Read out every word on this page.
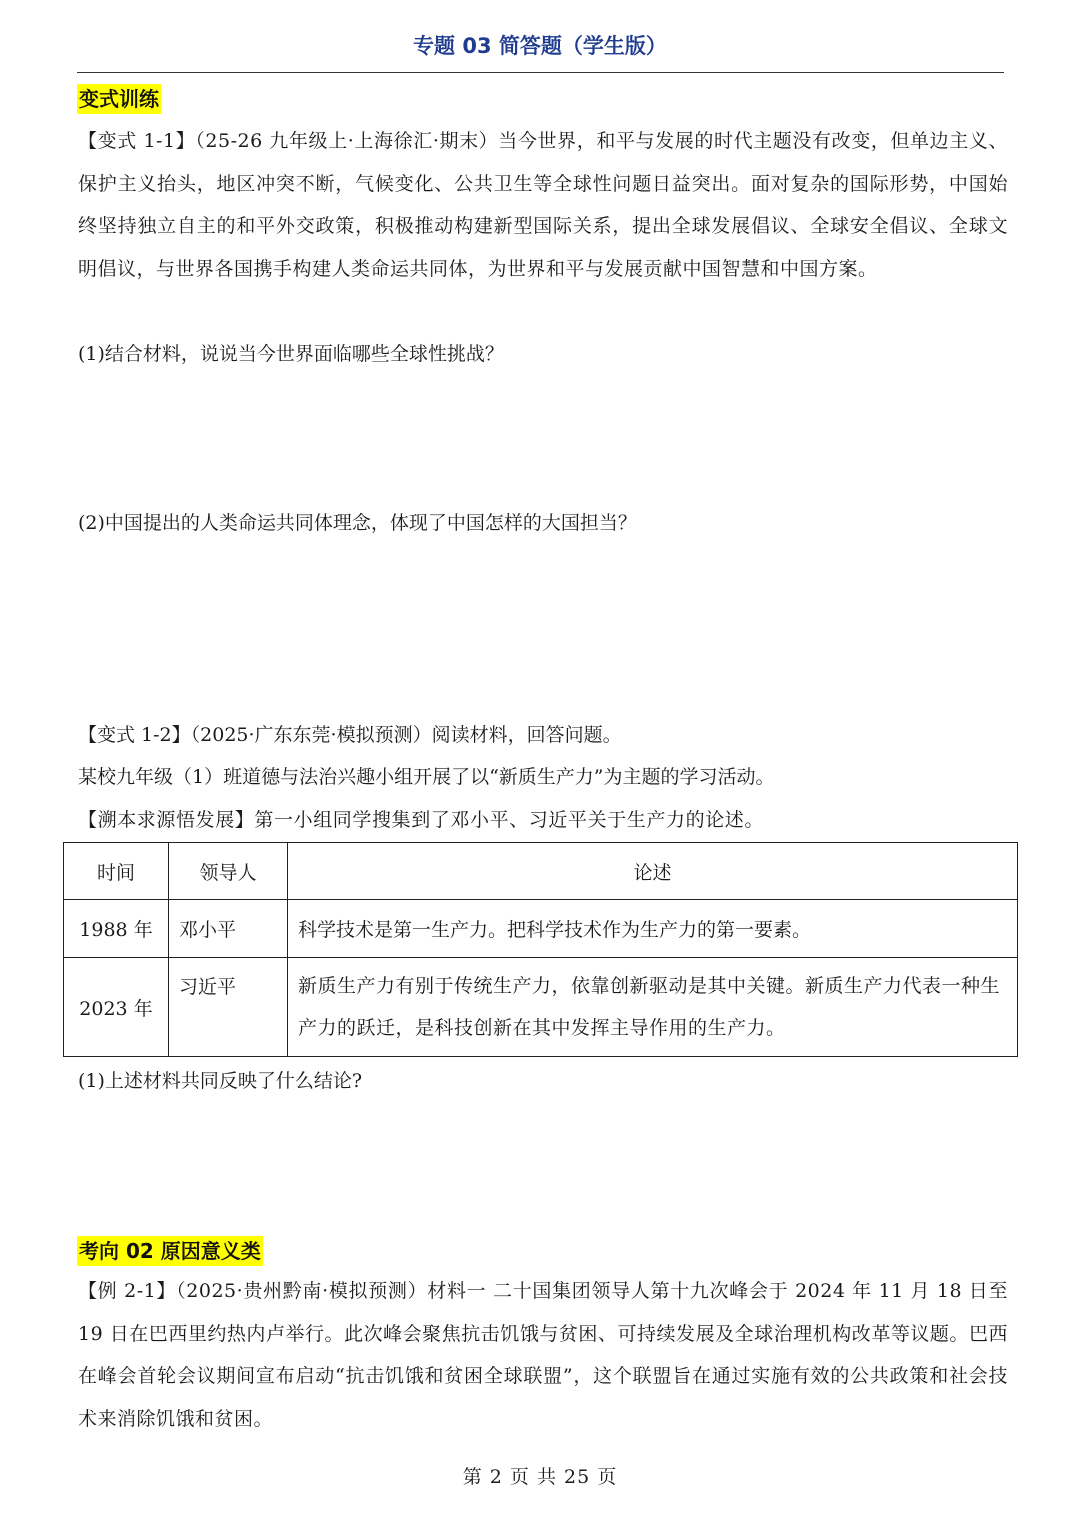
专题 03 简答题（学生版）
变式训练

【变式 1-1】（25-26 九年级上·上海徐汇·期末）当今世界，和平与发展的时代主题没有改变，但单边主义、保护主义抬头，地区冲突不断，气候变化、公共卫生等全球性问题日益突出。面对复杂的国际形势，中国始终坚持独立自主的和平外交政策，积极推动构建新型国际关系，提出全球发展倡议、全球安全倡议、全球文明倡议，与世界各国携手构建人类命运共同体，为世界和平与发展贡献中国智慧和中国方案。

(1)结合材料，说说当今世界面临哪些全球性挑战？

(2)中国提出的人类命运共同体理念，体现了中国怎样的大国担当？

【变式 1-2】（2025·广东东莞·模拟预测）阅读材料，回答问题。

某校九年级（1）班道德与法治兴趣小组开展了以“新质生产力”为主题的学习活动。

【溯本求源悟发展】第一小组同学搜集到了邓小平、习近平关于生产力的论述。

时间	领导人	论述
1988 年	邓小平	科学技术是第一生产力。把科学技术作为生产力的第一要素。
2023 年	习近平	新质生产力有别于传统生产力，依靠创新驱动是其中关键。新质生产力代表一种生产力的跃迁，是科技创新在其中发挥主导作用的生产力。

(1)上述材料共同反映了什么结论?

考向 02 原因意义类

【例 2-1】（2025·贵州黔南·模拟预测）材料一 二十国集团领导人第十九次峰会于 2024 年 11 月 18 日至 19 日在巴西里约热内卢举行。此次峰会聚焦抗击饥饿与贫困、可持续发展及全球治理机构改革等议题。巴西在峰会首轮会议期间宣布启动“抗击饥饿和贫困全球联盟”，这个联盟旨在通过实施有效的公共政策和社会技术来消除饥饿和贫困。

第 2 页 共 25 页
